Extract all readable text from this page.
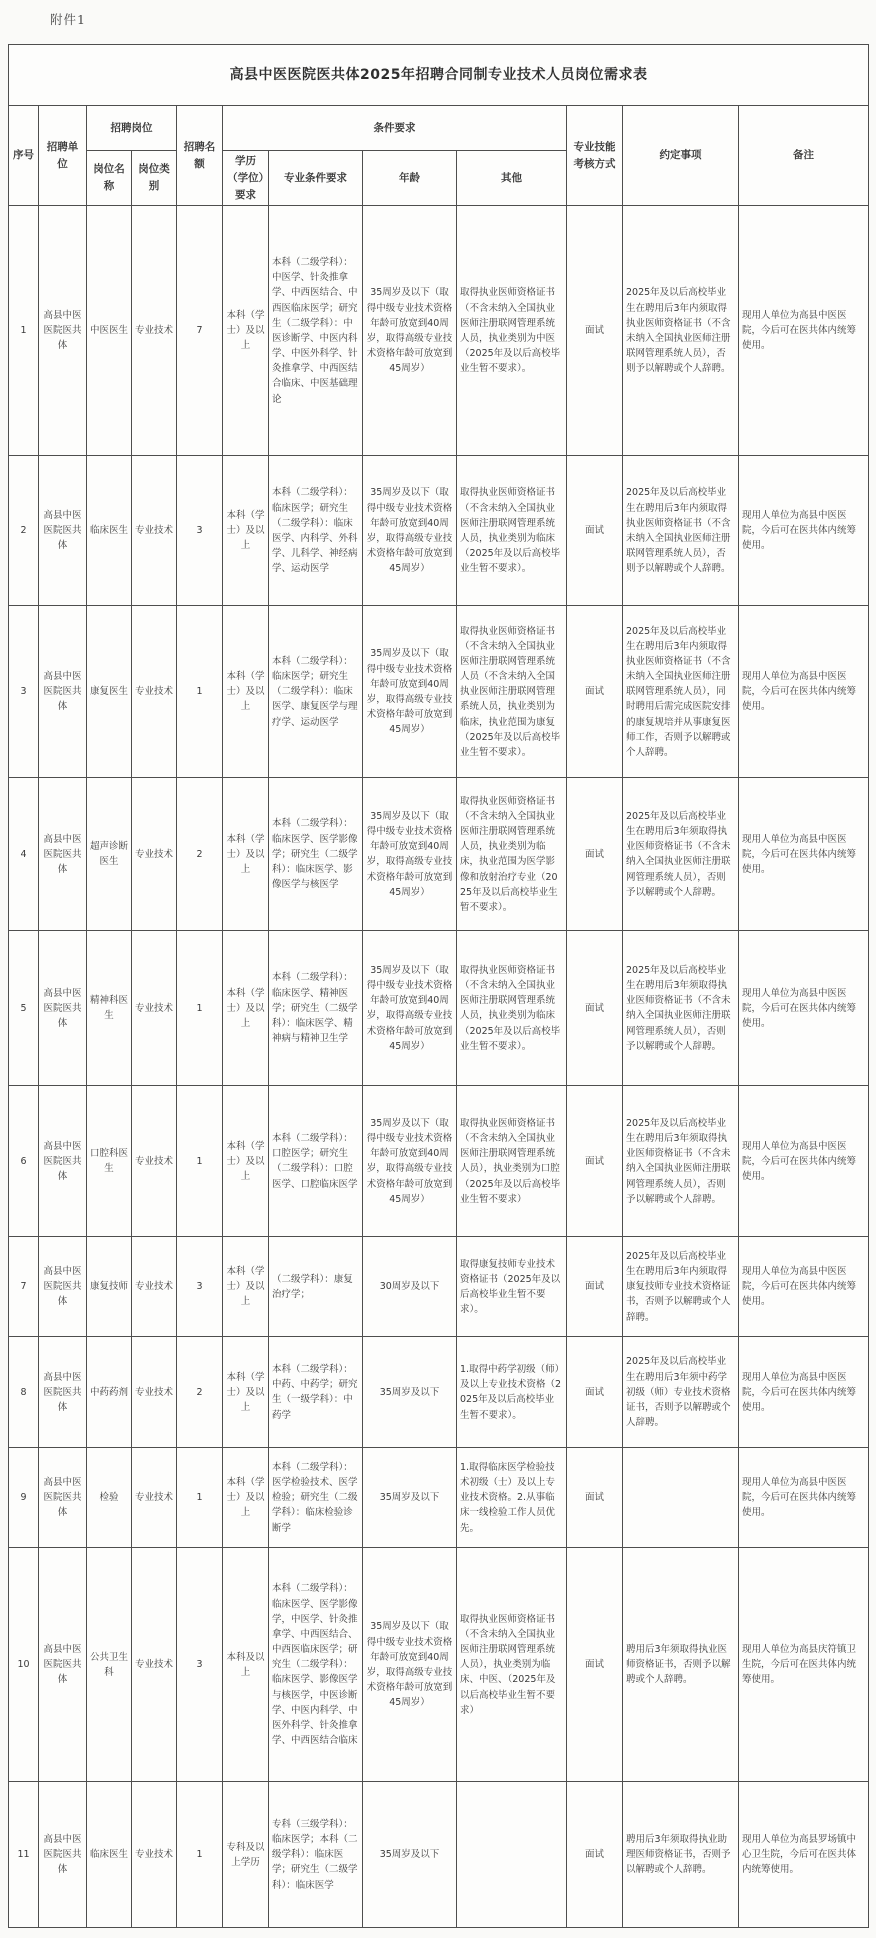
附件1
高县中医医院医共体2025年招聘合同制专业技术人员岗位需求表											
序号	招聘单位	招聘岗位		招聘名额	条件要求				专业技能考核方式	约定事项	备注
		岗位名称	岗位类别		学历（学位）要求	专业条件要求	年龄	其他			
1	高县中医医院医共体	中医医生	专业技术	7	本科（学士）及以上	本科（二级学科）：中医学、针灸推拿学、中西医结合、中西医临床医学；研究生（二级学科）：中医诊断学、中医内科学、中医外科学、针灸推拿学、中西医结合临床、中医基础理论	35周岁及以下（取得中级专业技术资格年龄可放宽到40周岁，取得高级专业技术资格年龄可放宽到45周岁）	取得执业医师资格证书（不含未纳入全国执业医师注册联网管理系统人员，执业类别为中医（2025年及以后高校毕业生暂不要求）。	面试	2025年及以后高校毕业生在聘用后3年内须取得执业医师资格证书（不含未纳入全国执业医师注册联网管理系统人员），否则予以解聘或个人辞聘。	现用人单位为高县中医医院，今后可在医共体内统筹使用。
2	高县中医医院医共体	临床医生	专业技术	3	本科（学士）及以上	本科（二级学科）：临床医学；研究生（二级学科）：临床医学、内科学、外科学、儿科学、神经病学、运动医学	35周岁及以下（取得中级专业技术资格年龄可放宽到40周岁，取得高级专业技术资格年龄可放宽到45周岁）	取得执业医师资格证书（不含未纳入全国执业医师注册联网管理系统人员，执业类别为临床（2025年及以后高校毕业生暂不要求）。	面试	2025年及以后高校毕业生在聘用后3年内须取得执业医师资格证书（不含未纳入全国执业医师注册联网管理系统人员），否则予以解聘或个人辞聘。	现用人单位为高县中医医院，今后可在医共体内统筹使用。
3	高县中医医院医共体	康复医生	专业技术	1	本科（学士）及以上	本科（二级学科）：临床医学；研究生（二级学科）：临床医学、康复医学与理疗学、运动医学	35周岁及以下（取得中级专业技术资格年龄可放宽到40周岁，取得高级专业技术资格年龄可放宽到45周岁）	取得执业医师资格证书（不含未纳入全国执业医师注册联网管理系统人员（不含未纳入全国执业医师注册联网管理系统人员，执业类别为临床，执业范围为康复（2025年及以后高校毕业生暂不要求）。	面试	2025年及以后高校毕业生在聘用后3年内须取得执业医师资格证书（不含未纳入全国执业医师注册联网管理系统人员），同时聘用后需完成医院安排的康复规培并从事康复医师工作，否则予以解聘或个人辞聘。	现用人单位为高县中医医院，今后可在医共体内统筹使用。
4	高县中医医院医共体	超声诊断医生	专业技术	2	本科（学士）及以上	本科（二级学科）：临床医学、医学影像学；研究生（二级学科）：临床医学、影像医学与核医学	35周岁及以下（取得中级专业技术资格年龄可放宽到40周岁，取得高级专业技术资格年龄可放宽到45周岁）	取得执业医师资格证书（不含未纳入全国执业医师注册联网管理系统人员，执业类别为临床，执业范围为医学影像和放射治疗专业（2025年及以后高校毕业生暂不要求）。	面试	2025年及以后高校毕业生在聘用后3年须取得执业医师资格证书（不含未纳入全国执业医师注册联网管理系统人员），否则予以解聘或个人辞聘。	现用人单位为高县中医医院，今后可在医共体内统筹使用。
5	高县中医医院医共体	精神科医生	专业技术	1	本科（学士）及以上	本科（二级学科）：临床医学、精神医学；研究生（二级学科）：临床医学、精神病与精神卫生学	35周岁及以下（取得中级专业技术资格年龄可放宽到40周岁，取得高级专业技术资格年龄可放宽到45周岁）	取得执业医师资格证书（不含未纳入全国执业医师注册联网管理系统人员，执业类别为临床（2025年及以后高校毕业生暂不要求）。	面试	2025年及以后高校毕业生在聘用后3年须取得执业医师资格证书（不含未纳入全国执业医师注册联网管理系统人员），否则予以解聘或个人辞聘。	现用人单位为高县中医医院，今后可在医共体内统筹使用。
6	高县中医医院医共体	口腔科医生	专业技术	1	本科（学士）及以上	本科（二级学科）：口腔医学；研究生（二级学科）：口腔医学、口腔临床医学	35周岁及以下（取得中级专业技术资格年龄可放宽到40周岁，取得高级专业技术资格年龄可放宽到45周岁）	取得执业医师资格证书（不含未纳入全国执业医师注册联网管理系统人员），执业类别为口腔（2025年及以后高校毕业生暂不要求）	面试	2025年及以后高校毕业生在聘用后3年须取得执业医师资格证书（不含未纳入全国执业医师注册联网管理系统人员），否则予以解聘或个人辞聘。	现用人单位为高县中医医院，今后可在医共体内统筹使用。
7	高县中医医院医共体	康复技师	专业技术	3	本科（学士）及以上	（二级学科）：康复治疗学；	30周岁及以下	取得康复技师专业技术资格证书（2025年及以后高校毕业生暂不要求）。	面试	2025年及以后高校毕业生在聘用后3年内须取得康复技师专业技术资格证书，否则予以解聘或个人辞聘。	现用人单位为高县中医医院，今后可在医共体内统筹使用。
8	高县中医医院医共体	中药药剂	专业技术	2	本科（学士）及以上	本科（二级学科）：中药、中药学；研究生（一级学科）：中药学	35周岁及以下	1.取得中药学初级（师）及以上专业技术资格（2025年及以后高校毕业生暂不要求）。	面试	2025年及以后高校毕业生在聘用后3年须中药学初级（师）专业技术资格证书，否则予以解聘或个人辞聘。	现用人单位为高县中医医院，今后可在医共体内统筹使用。
9	高县中医医院医共体	检验	专业技术	1	本科（学士）及以上	本科（二级学科）：医学检验技术、医学检验；研究生（二级学科）：临床检验诊断学	35周岁及以下	1.取得临床医学检验技术初级（士）及以上专业技术资格。2.从事临床一线检验工作人员优先。	面试		现用人单位为高县中医医院，今后可在医共体内统筹使用。
10	高县中医医院医共体	公共卫生科	专业技术	3	本科及以上	本科（二级学科）：临床医学、医学影像学，中医学、针灸推拿学、中西医结合、中西医临床医学；研究生（二级学科）：临床医学、影像医学与核医学，中医诊断学、中医内科学、中医外科学、针灸推拿学、中西医结合临床	35周岁及以下（取得中级专业技术资格年龄可放宽到40周岁，取得高级专业技术资格年龄可放宽到45周岁）	取得执业医师资格证书（不含未纳入全国执业医师注册联网管理系统人员），执业类别为临床、中医、（2025年及以后高校毕业生暂不要求）	面试	聘用后3年须取得执业医师资格证书，否则予以解聘或个人辞聘。	现用人单位为高县庆符镇卫生院，今后可在医共体内统筹使用。
11	高县中医医院医共体	临床医生	专业技术	1	专科及以上学历	专科（三级学科）：临床医学；本科（二级学科）：临床医学；研究生（二级学科）：临床医学	35周岁及以下		面试	聘用后3年须取得执业助理医师资格证书，否则予以解聘或个人辞聘。	现用人单位为高县罗场镇中心卫生院，今后可在医共体内统筹使用。
